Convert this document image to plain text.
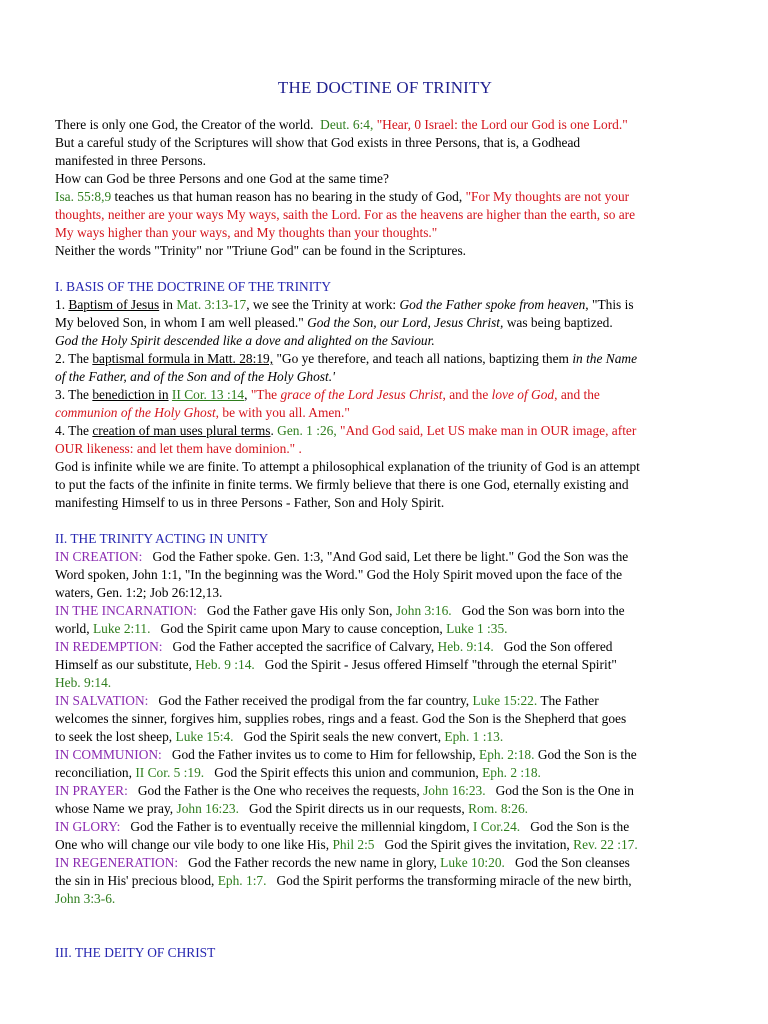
THE DOCTINE OF TRINITY
There is only one God, the Creator of the world. Deut. 6:4, "Hear, 0 Israel: the Lord our God is one Lord."
But a careful study of the Scriptures will show that God exists in three Persons, that is, a Godhead
manifested in three Persons.
How can God be three Persons and one God at the same time?
Isa. 55:8,9 teaches us that human reason has no bearing in the study of God, "For My thoughts are not your
thoughts, neither are your ways My ways, saith the Lord. For as the heavens are higher than the earth, so are
My ways higher than your ways, and My thoughts than your thoughts."
Neither the words "Trinity" nor "Triune God" can be found in the Scriptures.
I. BASIS OF THE DOCTRINE OF THE TRINITY
1. Baptism of Jesus in Mat. 3:13-17, we see the Trinity at work: God the Father spoke from heaven, "This is
My beloved Son, in whom I am well pleased." God the Son, our Lord, Jesus Christ, was being baptized.
God the Holy Spirit descended like a dove and alighted on the Saviour.
2. The baptismal formula in Matt. 28:19, "Go ye therefore, and teach all nations, baptizing them in the Name
of the Father, and of the Son and of the Holy Ghost.'
3. The benediction in II Cor. 13 :14, "The grace of the Lord Jesus Christ, and the love of God, and the
communion of the Holy Ghost, be with you all. Amen."
4. The creation of man uses plural terms. Gen. 1 :26, "And God said, Let US make man in OUR image, after
OUR likeness: and let them have dominion." .
God is infinite while we are finite. To attempt a philosophical explanation of the triunity of God is an attempt
to put the facts of the infinite in finite terms. We firmly believe that there is one God, eternally existing and
manifesting Himself to us in three Persons - Father, Son and Holy Spirit.
II. THE TRINITY ACTING IN UNITY
IN CREATION: God the Father spoke. Gen. 1:3, "And God said, Let there be light." God the Son was the
Word spoken, John 1:1, "In the beginning was the Word." God the Holy Spirit moved upon the face of the
waters, Gen. 1:2; Job 26:12,13.
IN THE INCARNATION: God the Father gave His only Son, John 3:16. God the Son was born into the
world, Luke 2:11. God the Spirit came upon Mary to cause conception, Luke 1 :35.
IN REDEMPTION: God the Father accepted the sacrifice of Calvary, Heb. 9:14. God the Son offered
Himself as our substitute, Heb. 9 :14. God the Spirit - Jesus offered Himself "through the eternal Spirit"
Heb. 9:14.
IN SALVATION: God the Father received the prodigal from the far country, Luke 15:22. The Father
welcomes the sinner, forgives him, supplies robes, rings and a feast. God the Son is the Shepherd that goes
to seek the lost sheep, Luke 15:4. God the Spirit seals the new convert, Eph. 1 :13.
IN COMMUNION: God the Father invites us to come to Him for fellowship, Eph. 2:18. God the Son is the
reconciliation, II Cor. 5 :19. God the Spirit effects this union and communion, Eph. 2 :18.
IN PRAYER: God the Father is the One who receives the requests, John 16:23. God the Son is the One in
whose Name we pray, John 16:23. God the Spirit directs us in our requests, Rom. 8:26.
IN GLORY: God the Father is to eventually receive the millennial kingdom, I Cor.24. God the Son is the
One who will change our vile body to one like His, Phil 2:5 God the Spirit gives the invitation, Rev. 22 :17.
IN REGENERATION: God the Father records the new name in glory, Luke 10:20. God the Son cleanses
the sin in His' precious blood, Eph. 1:7. God the Spirit performs the transforming miracle of the new birth,
John 3:3-6.
III. THE DEITY OF CHRIST
